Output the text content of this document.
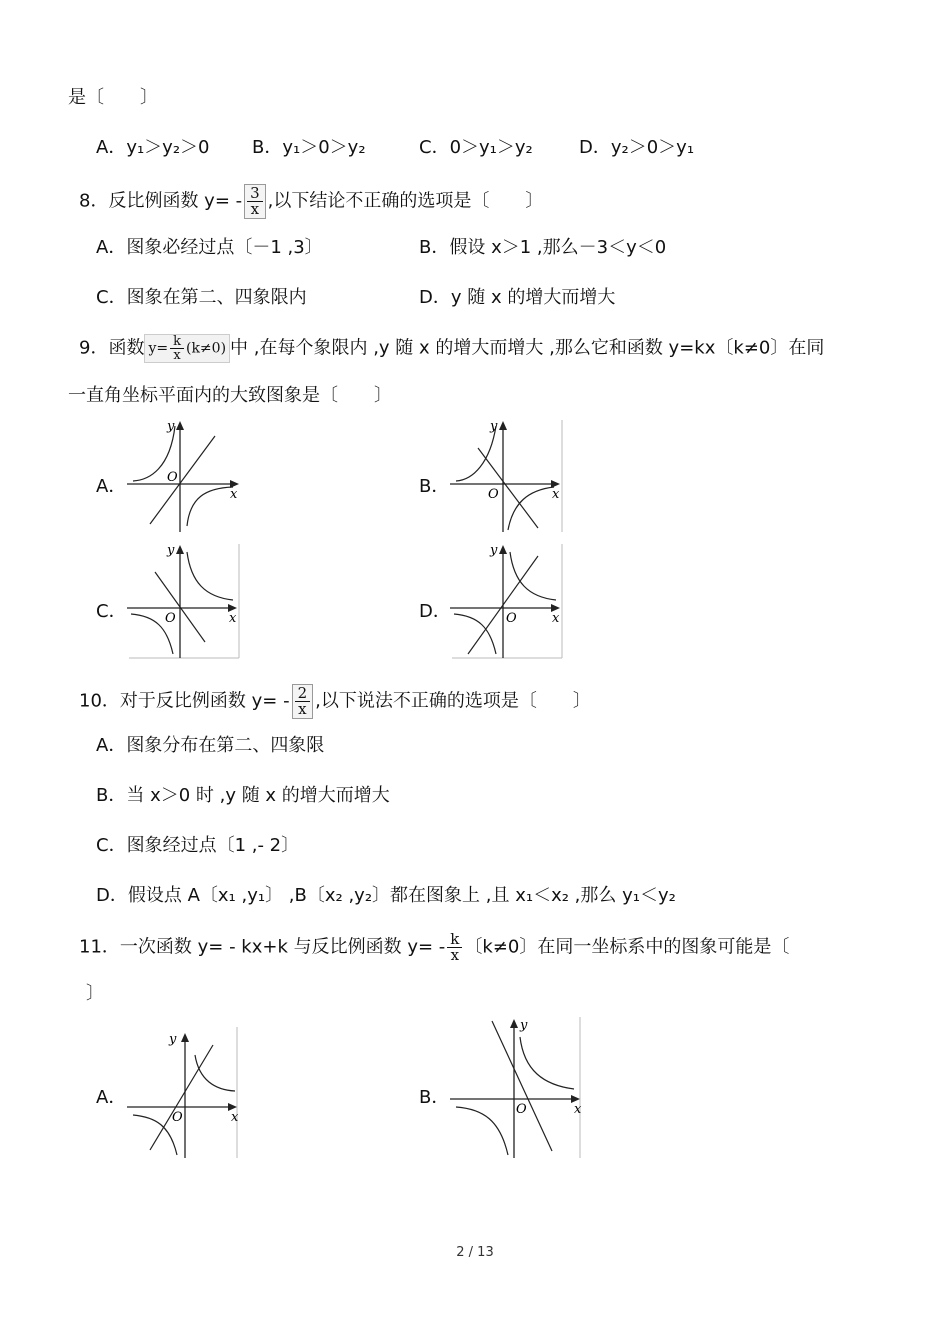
是〔　　〕
A．y₁＞y₂＞0 B．y₁＞0＞y₂	C．0＞y₁＞y₂	D．y₂＞0＞y₁
8．反比例函数 $y= - \frac{3}{x}$ ,以下结论不正确的选项是〔　　〕
A．图象必经过点〔－1 ,3〕	B．假设 x＞1 ,那么－3＜y＜0
C．图象在第二、四象限内	D．y 随 x 的增大而增大
9．函数 $y= \frac{k}{x} (k\ne 0)$ 中 ,在每个象限内 ,y 随 x 的增大而增大 ,那么它和函数 y=kx〔k≠0〕在同
一直角坐标平面内的大致图象是〔　　〕
A．	B．
C．	D．
y
x
O
y
x
O
y
x
O
y
x
O
10．对于反比例函数 $y= - \frac{2}{x}$ ,以下说法不正确的选项是〔　　〕
A．图象分布在第二、四象限
B．当 x＞0 时 ,y 随 x 的增大而增大
C．图象经过点〔1 ,- 2〕
D．假设点 A〔x₁ ,y₁〕 ,B〔x₂ ,y₂〕都在图象上 ,且 x₁＜x₂ ,那么 y₁＜y₂
11．一次函数 y= - kx+k 与反比例函数 $y= - \frac{k}{x}$ 〔k≠0〕在同一坐标系中的图象可能是〔
〕
A．	B．
y
x
O
y
x
O
2 / 13
